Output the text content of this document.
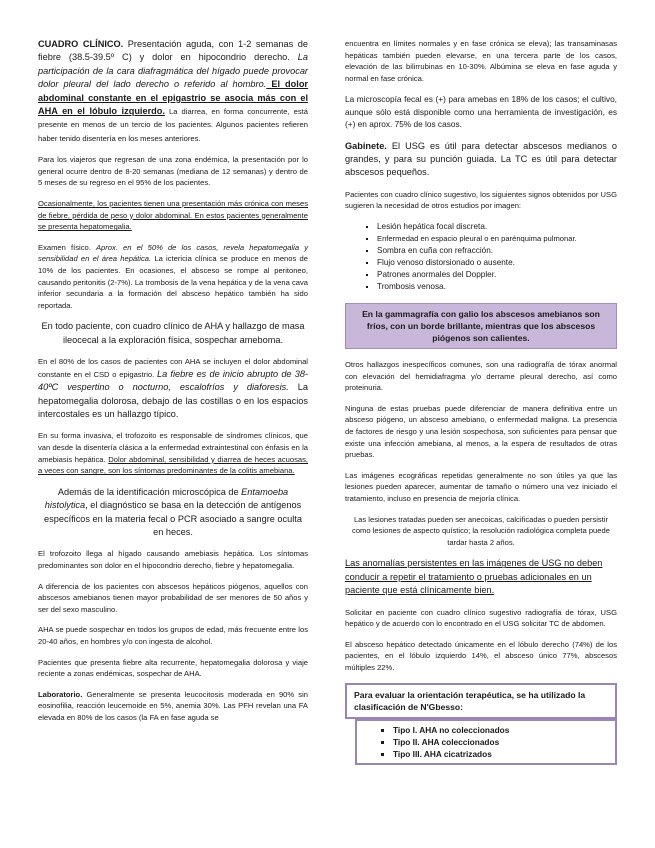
CUADRO CLÍNICO. Presentación aguda, con 1-2 semanas de fiebre (38.5-39.5º C) y dolor en hipocondrio derecho. La participación de la cara diafragmática del hígado puede provocar dolor pleural del lado derecho o referido al hombro. El dolor abdominal constante en el epigastrio se asocia más con el AHA en el lóbulo izquierdo. La diarrea, en forma concurrente, está presente en menos de un tercio de los pacientes. Algunos pacientes refieren haber tenido disentería en los meses anteriores.

Para los viajeros que regresan de una zona endémica, la presentación por lo general ocurre dentro de 8-20 semanas (mediana de 12 semanas) y dentro de 5 meses de su regreso en el 95% de los pacientes.

Ocasionalmente, los pacientes tienen una presentación más crónica con meses de fiebre, pérdida de peso y dolor abdominal. En estos pacientes generalmente se presenta hepatomegalia.

Examen físico. Aprox. en el 50% de los casos, revela hepatomegalia y sensibilidad en el área hepática. La ictericia clínica se produce en menos de 10% de los pacientes. En ocasiones, el absceso se rompe al peritoneo, causando peritonitis (2-7%). La trombosis de la vena hepática y de la vena cava inferior secundaria a la formación del absceso hepático también ha sido reportada.

En todo paciente, con cuadro clínico de AHA y hallazgo de masa ileocecal a la exploración física, sospechar ameboma.

En el 80% de los casos de pacientes con AHA se incluyen el dolor abdominal constante en el CSD o epigastrio. La fiebre es de inicio abrupto de 38-40ºC vespertino o nocturno, escalofríos y diaforesis. La hepatomegalia dolorosa, debajo de las costillas o en los espacios intercostales es un hallazgo típico.

En su forma invasiva, el trofozoito es responsable de síndromes clínicos, que van desde la disentería clásica a la enfermedad extraintestinal con énfasis en la amebiasis hepática. Dolor abdominal, sensibilidad y diarrea de heces acuosas, a veces con sangre, son los síntomas predominantes de la colitis amebiana.

Además de la identificación microscópica de Entamoeba histolytica, el diagnóstico se basa en la detección de antígenos específicos en la materia fecal o PCR asociado a sangre oculta en heces.

El trofozoito llega al hígado causando amebiasis hepática. Los síntomas predominantes son dolor en el hipocondrio derecho, fiebre y hepatomegalia.

A diferencia de los pacientes con abscesos hepáticos piógenos, aquellos con abscesos amebianos tienen mayor probabilidad de ser menores de 50 años y ser del sexo masculino.

AHA se puede sospechar en todos los grupos de edad, más frecuente entre los 20-40 años, en hombres y/o con ingesta de alcohol.

Pacientes que presenta fiebre alta recurrente, hepatomegalia dolorosa y viaje reciente a zonas endémicas, sospechar de AHA.

Laboratorio. Generalmente se presenta leucocitosis moderada en 90% sin eosinofilia, reacción leucemoide en 5%, anemia 30%. Las PFH revelan una FA elevada en 80% de los casos (la FA en fase aguda se

encuentra en límites normales y en fase crónica se eleva); las transaminasas hepáticas también pueden elevarse, en una tercera parte de los casos, elevación de las bilirrubinas en 10-30%. Albúmina se eleva en fase aguda y normal en fase crónica.

La microscopía fecal es (+) para amebas en 18% de los casos; el cultivo, aunque sólo está disponible como una herramienta de investigación, es (+) en aprox. 75% de los casos.

Gabinete. El USG es útil para detectar abscesos medianos o grandes, y para su punción guiada. La TC es útil para detectar abscesos pequeños.

Pacientes con cuadro clínico sugestivo, los siguientes signos obtenidos por USG sugieren la necesidad de otros estudios por imagen:

▪ Lesión hepática focal discreta.
▪ Enfermedad en espacio pleural o en parénquima pulmonar.
▪ Sombra en cuña con refracción.
▪ Flujo venoso distorsionado o ausente.
▪ Patrones anormales del Doppler.
▪ Trombosis venosa.
En la gammagrafía con galio los abscesos amebianos son fríos, con un borde brillante, mientras que los abscesos piógenos son calientes.

Otros hallazgos inespecíficos comunes, son una radiografía de tórax anormal con elevación del hemidiafragma y/o derrame pleural derecho, así como proteinuria.

Ninguna de estas pruebas puede diferenciar de manera definitiva entre un absceso piógeno, un absceso amebiano, o enfermedad maligna. La presencia de factores de riesgo y una lesión sospechosa, son suficientes para pensar que existe una infección amebiana, al menos, a la espera de resultados de otras pruebas.

Las imágenes ecográficas repetidas generalmente no son útiles ya que las lesiones pueden aparecer, aumentar de tamaño o número una vez iniciado el tratamiento, incluso en presencia de mejoría clínica.

Las lesiones tratadas pueden ser anecoicas, calcificadas o pueden persistir como lesiones de aspecto quístico; la resolución radiológica completa puede tardar hasta 2 años.

Las anomalías persistentes en las imágenes de USG no deben conducir a repetir el tratamiento o pruebas adicionales en un paciente que está clínicamente bien.

Solicitar en paciente con cuadro clínico sugestivo radiografía de tórax, USG hepático y de acuerdo con lo encontrado en el USG solicitar TC de abdomen.

El absceso hepático detectado únicamente en el lóbulo derecho (74%) de los pacientes, en el lóbulo izquierdo 14%, el absceso único 77%, abscesos múltiples 22%.

Para evaluar la orientación terapéutica, se ha utilizado la clasificación de N'Gbesso:
▪ Tipo I. AHA no coleccionados
▪ Tipo II. AHA coleccionados
▪ Tipo III. AHA cicatrizados
